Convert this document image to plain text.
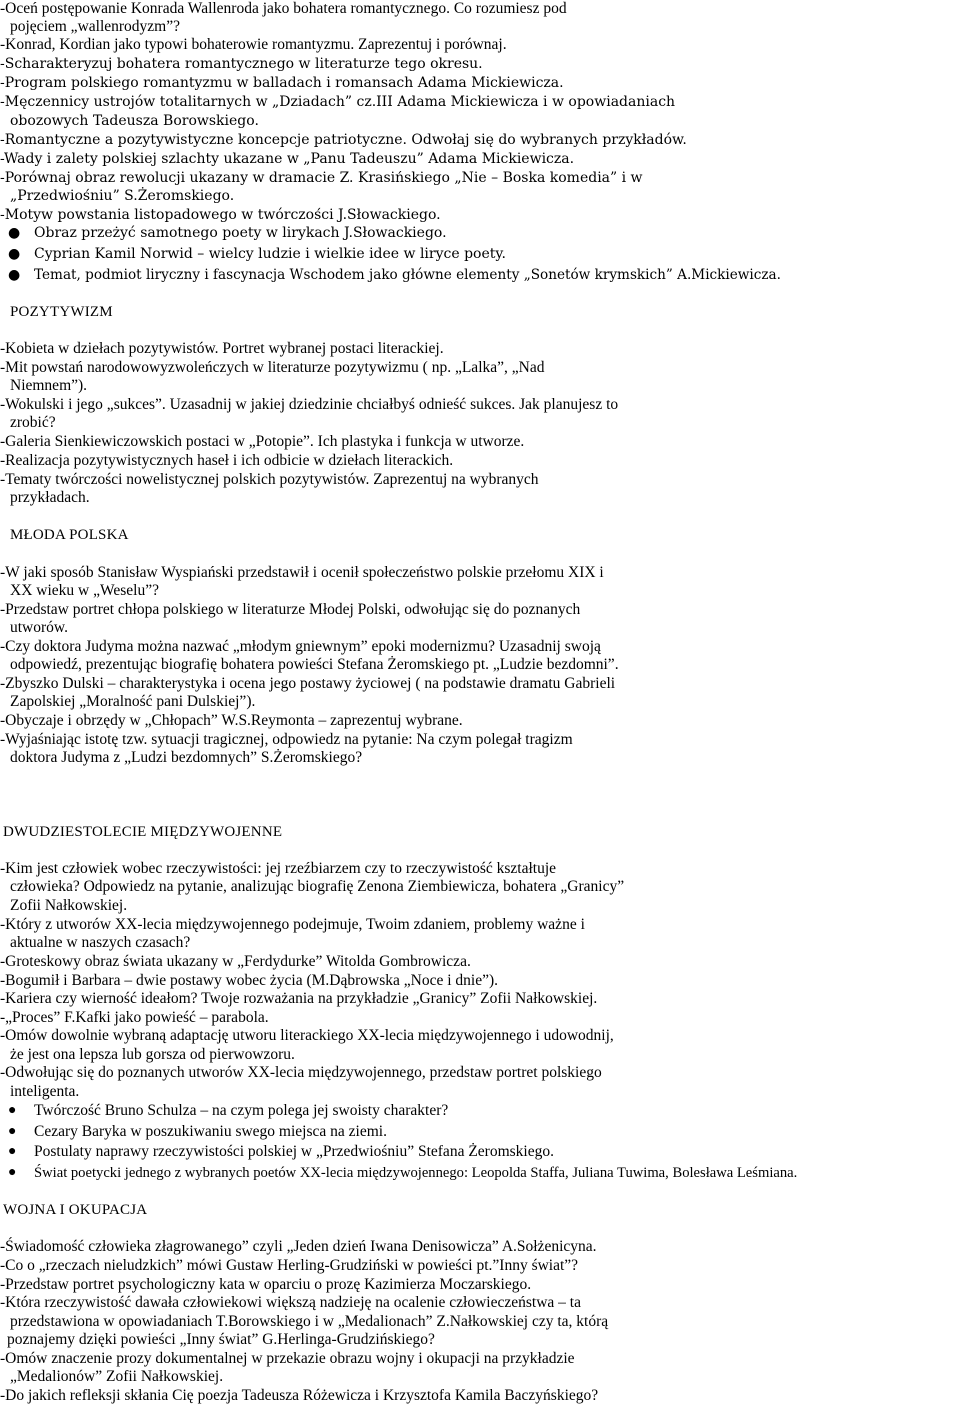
-Oceń postępowanie Konrada Wallenroda jako bohatera romantycznego. Co rozumiesz pod
pojęciem „wallenrodyzm”?
-Konrad, Kordian jako typowi bohaterowie romantyzmu. Zaprezentuj i porównaj.
-Scharakteryzuj bohatera romantycznego w literaturze tego okresu.
-Program polskiego romantyzmu w balladach i romansach Adama Mickiewicza.
-Męczennicy ustrojów totalitarnych w „Dziadach” cz.III Adama Mickiewicza i w opowiadaniach
obozowych Tadeusza Borowskiego.
-Romantyczne a pozytywistyczne koncepcje patriotyczne. Odwołaj się do wybranych przykładów.
-Wady i zalety polskiej szlachty ukazane w „Panu Tadeuszu” Adama Mickiewicza.
-Porównaj obraz rewolucji ukazany w dramacie Z. Krasińskiego „Nie – Boska komedia” i w
„Przedwiośniu” S.Żeromskiego.
-Motyw powstania listopadowego w twórczości J.Słowackiego.
● Obraz przeżyć samotnego poety w lirykach J.Słowackiego.
● Cyprian Kamil Norwid – wielcy ludzie i wielkie idee w liryce poety.
● Temat, podmiot liryczny i fascynacja Wschodem jako główne elementy „Sonetów krymskich” A.Mickiewicza.
POZYTYWIZM
-Kobieta w dziełach pozytywistów. Portret wybranej postaci literackiej.
-Mit powstań narodowowyzwoleńczych w literaturze pozytywizmu ( np. „Lalka”, „Nad
Niemnem”).
-Wokulski i jego „sukces”. Uzasadnij w jakiej dziedzinie chciałbyś odnieść sukces. Jak planujesz to
zrobić?
-Galeria Sienkiewiczowskich postaci w „Potopie”. Ich plastyka i funkcja w utworze.
-Realizacja pozytywistycznych haseł i ich odbicie w dziełach literackich.
-Tematy twórczości nowelistycznej polskich pozytywistów. Zaprezentuj na wybranych
przykładach.
MŁODA POLSKA
-W jaki sposób Stanisław Wyspiański przedstawił i ocenił społeczeństwo polskie przełomu XIX i
XX wieku w „Weselu”?
-Przedstaw portret chłopa polskiego w literaturze Młodej Polski, odwołując się do poznanych
utworów.
-Czy doktora Judyma można nazwać „młodym gniewnym” epoki modernizmu? Uzasadnij swoją
odpowiedź, prezentując biografię bohatera powieści Stefana Żeromskiego pt. „Ludzie bezdomni”.
-Zbyszko Dulski – charakterystyka i ocena jego postawy życiowej ( na podstawie dramatu Gabrieli
Zapolskiej „Moralność pani Dulskiej”).
-Obyczaje i obrzędy w „Chłopach” W.S.Reymonta – zaprezentuj wybrane.
-Wyjaśniając istotę tzw. sytuacji tragicznej, odpowiedz na pytanie: Na czym polegał tragizm
doktora Judyma z „Ludzi bezdomnych” S.Żeromskiego?
DWUDZIESTOLECIE MIĘDZYWOJENNE
-Kim jest człowiek wobec rzeczywistości: jej rzeźbiarzem czy to rzeczywistość kształtuje
człowieka? Odpowiedz na pytanie, analizując biografię Zenona Ziembiewicza, bohatera „Granicy”
Zofii Nałkowskiej.
-Który z utworów XX-lecia międzywojennego podejmuje, Twoim zdaniem, problemy ważne i
aktualne w naszych czasach?
-Groteskowy obraz świata ukazany w „Ferdydurke” Witolda Gombrowicza.
-Bogumił i Barbara – dwie postawy wobec życia (M.Dąbrowska „Noce i dnie”).
-Kariera czy wierność ideałom? Twoje rozważania na przykładzie „Granicy” Zofii Nałkowskiej.
-„Proces” F.Kafki jako powieść – parabola.
-Omów dowolnie wybraną adaptację utworu literackiego XX-lecia międzywojennego i udowodnij,
że jest ona lepsza lub gorsza od pierwowzoru.
-Odwołując się do poznanych utworów XX-lecia międzywojennego, przedstaw portret polskiego
inteligenta.
● Twórczość Bruno Schulza – na czym polega jej swoisty charakter?
● Cezary Baryka w poszukiwaniu swego miejsca na ziemi.
● Postulaty naprawy rzeczywistości polskiej w „Przedwiośniu” Stefana Żeromskiego.
● Świat poetycki jednego z wybranych poetów XX-lecia międzywojennego: Leopolda Staffa, Juliana Tuwima, Bolesława Leśmiana.
WOJNA I OKUPACJA
-Świadomość człowieka złagrowanego” czyli „Jeden dzień Iwana Denisowicza” A.Sołżenicyna.
-Co o „rzeczach nieludzkich” mówi Gustaw Herling-Grudziński w powieści pt.”Inny świat”?
-Przedstaw portret psychologiczny kata w oparciu o prozę Kazimierza Moczarskiego.
-Która rzeczywistość dawała człowiekowi większą nadzieję na ocalenie człowieczeństwa – ta
przedstawiona w opowiadaniach T.Borowskiego i w „Medalionach” Z.Nałkowskiej czy ta, którą
poznajemy dzięki powieści „Inny świat” G.Herlinga-Grudzińskiego?
-Omów znaczenie prozy dokumentalnej w przekazie obrazu wojny i okupacji na przykładzie
„Medalionów” Zofii Nałkowskiej.
-Do jakich refleksji skłania Cię poezja Tadeusza Różewicza i Krzysztofa Kamila Baczyńskiego?
